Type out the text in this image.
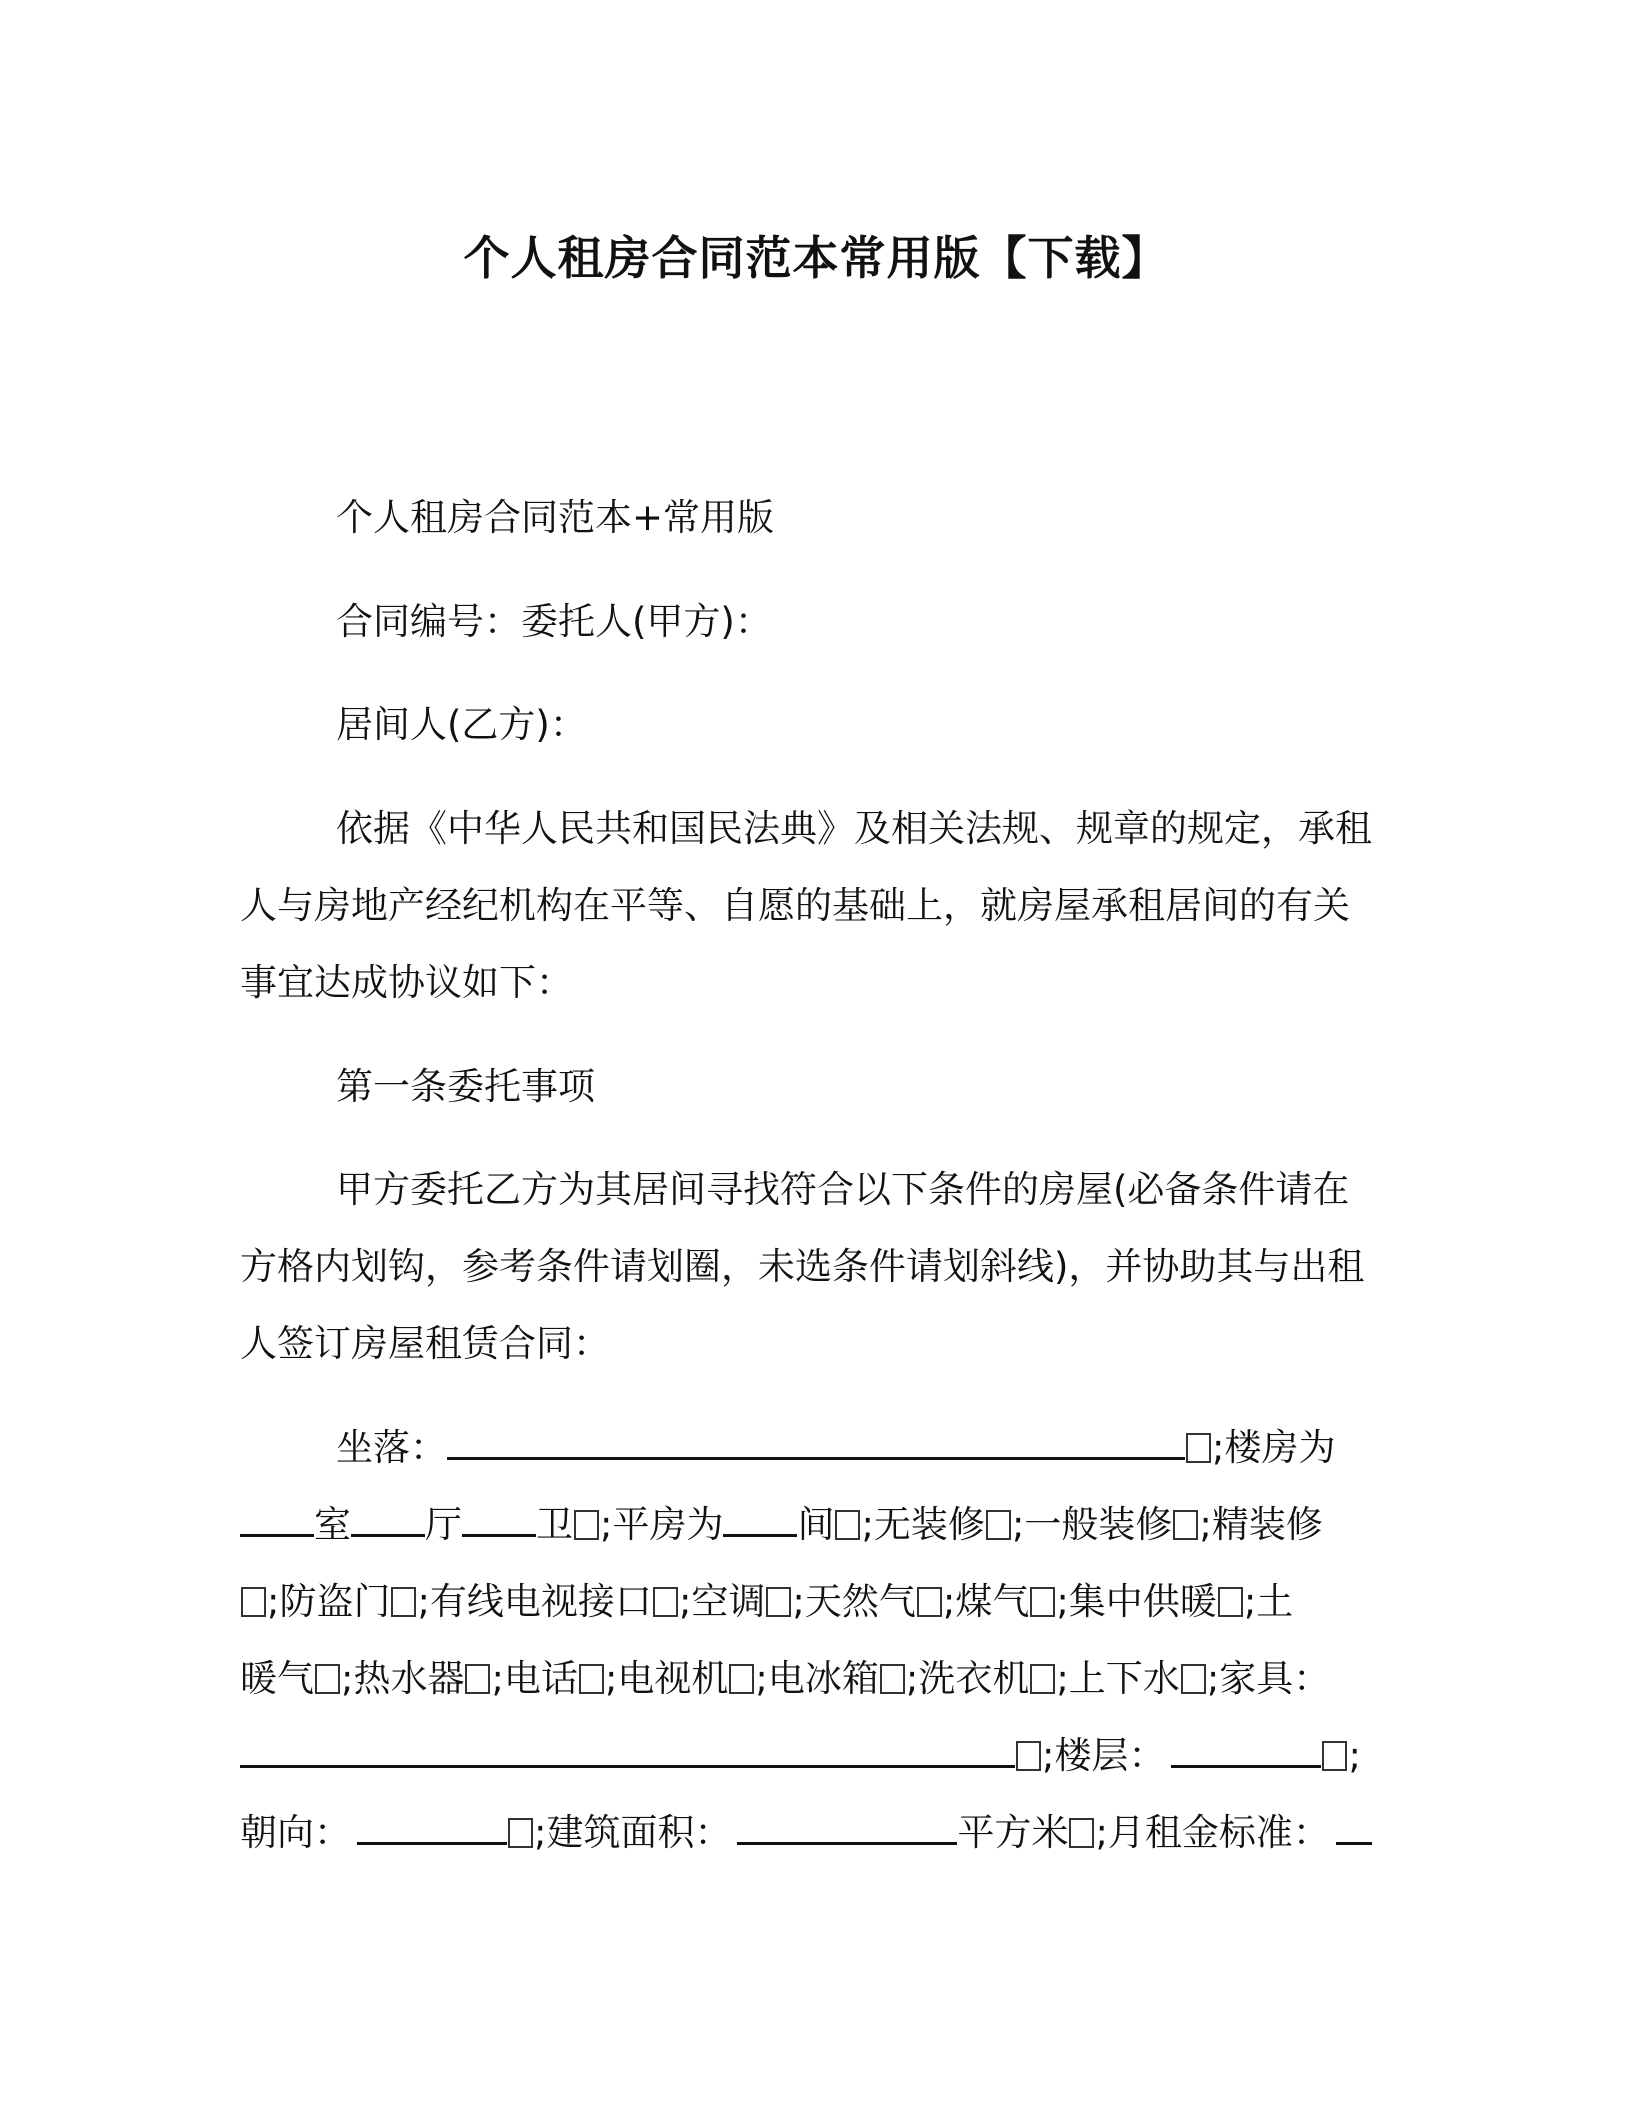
个人租房合同范本常用版【下载】
个人租房合同范本+常用版
合同编号：委托人(甲方)：
居间人(乙方)：
依据《中华人民共和国民法典》及相关法规、规章的规定，承租
人与房地产经纪机构在平等、自愿的基础上，就房屋承租居间的有关
事宜达成协议如下：
第一条委托事项
甲方委托乙方为其居间寻找符合以下条件的房屋(必备条件请在
方格内划钩，参考条件请划圈，未选条件请划斜线)，并协助其与出租
人签订房屋租赁合同：
坐落：	;楼房为
室 厅 卫 ;平房为 间 ;无装修 ;一般装修 ;精装修
;防盗门 ;有线电视接口 ;空调 ;天然气 ;煤气 ;集中供暖 ;土
暖气 ;热水器 ;电话 ;电视机 ;电冰箱 ;洗衣机 ;上下水 ;家具：
;楼层：	;
朝向：	;建筑面积：	平方米 ;月租金标准：
